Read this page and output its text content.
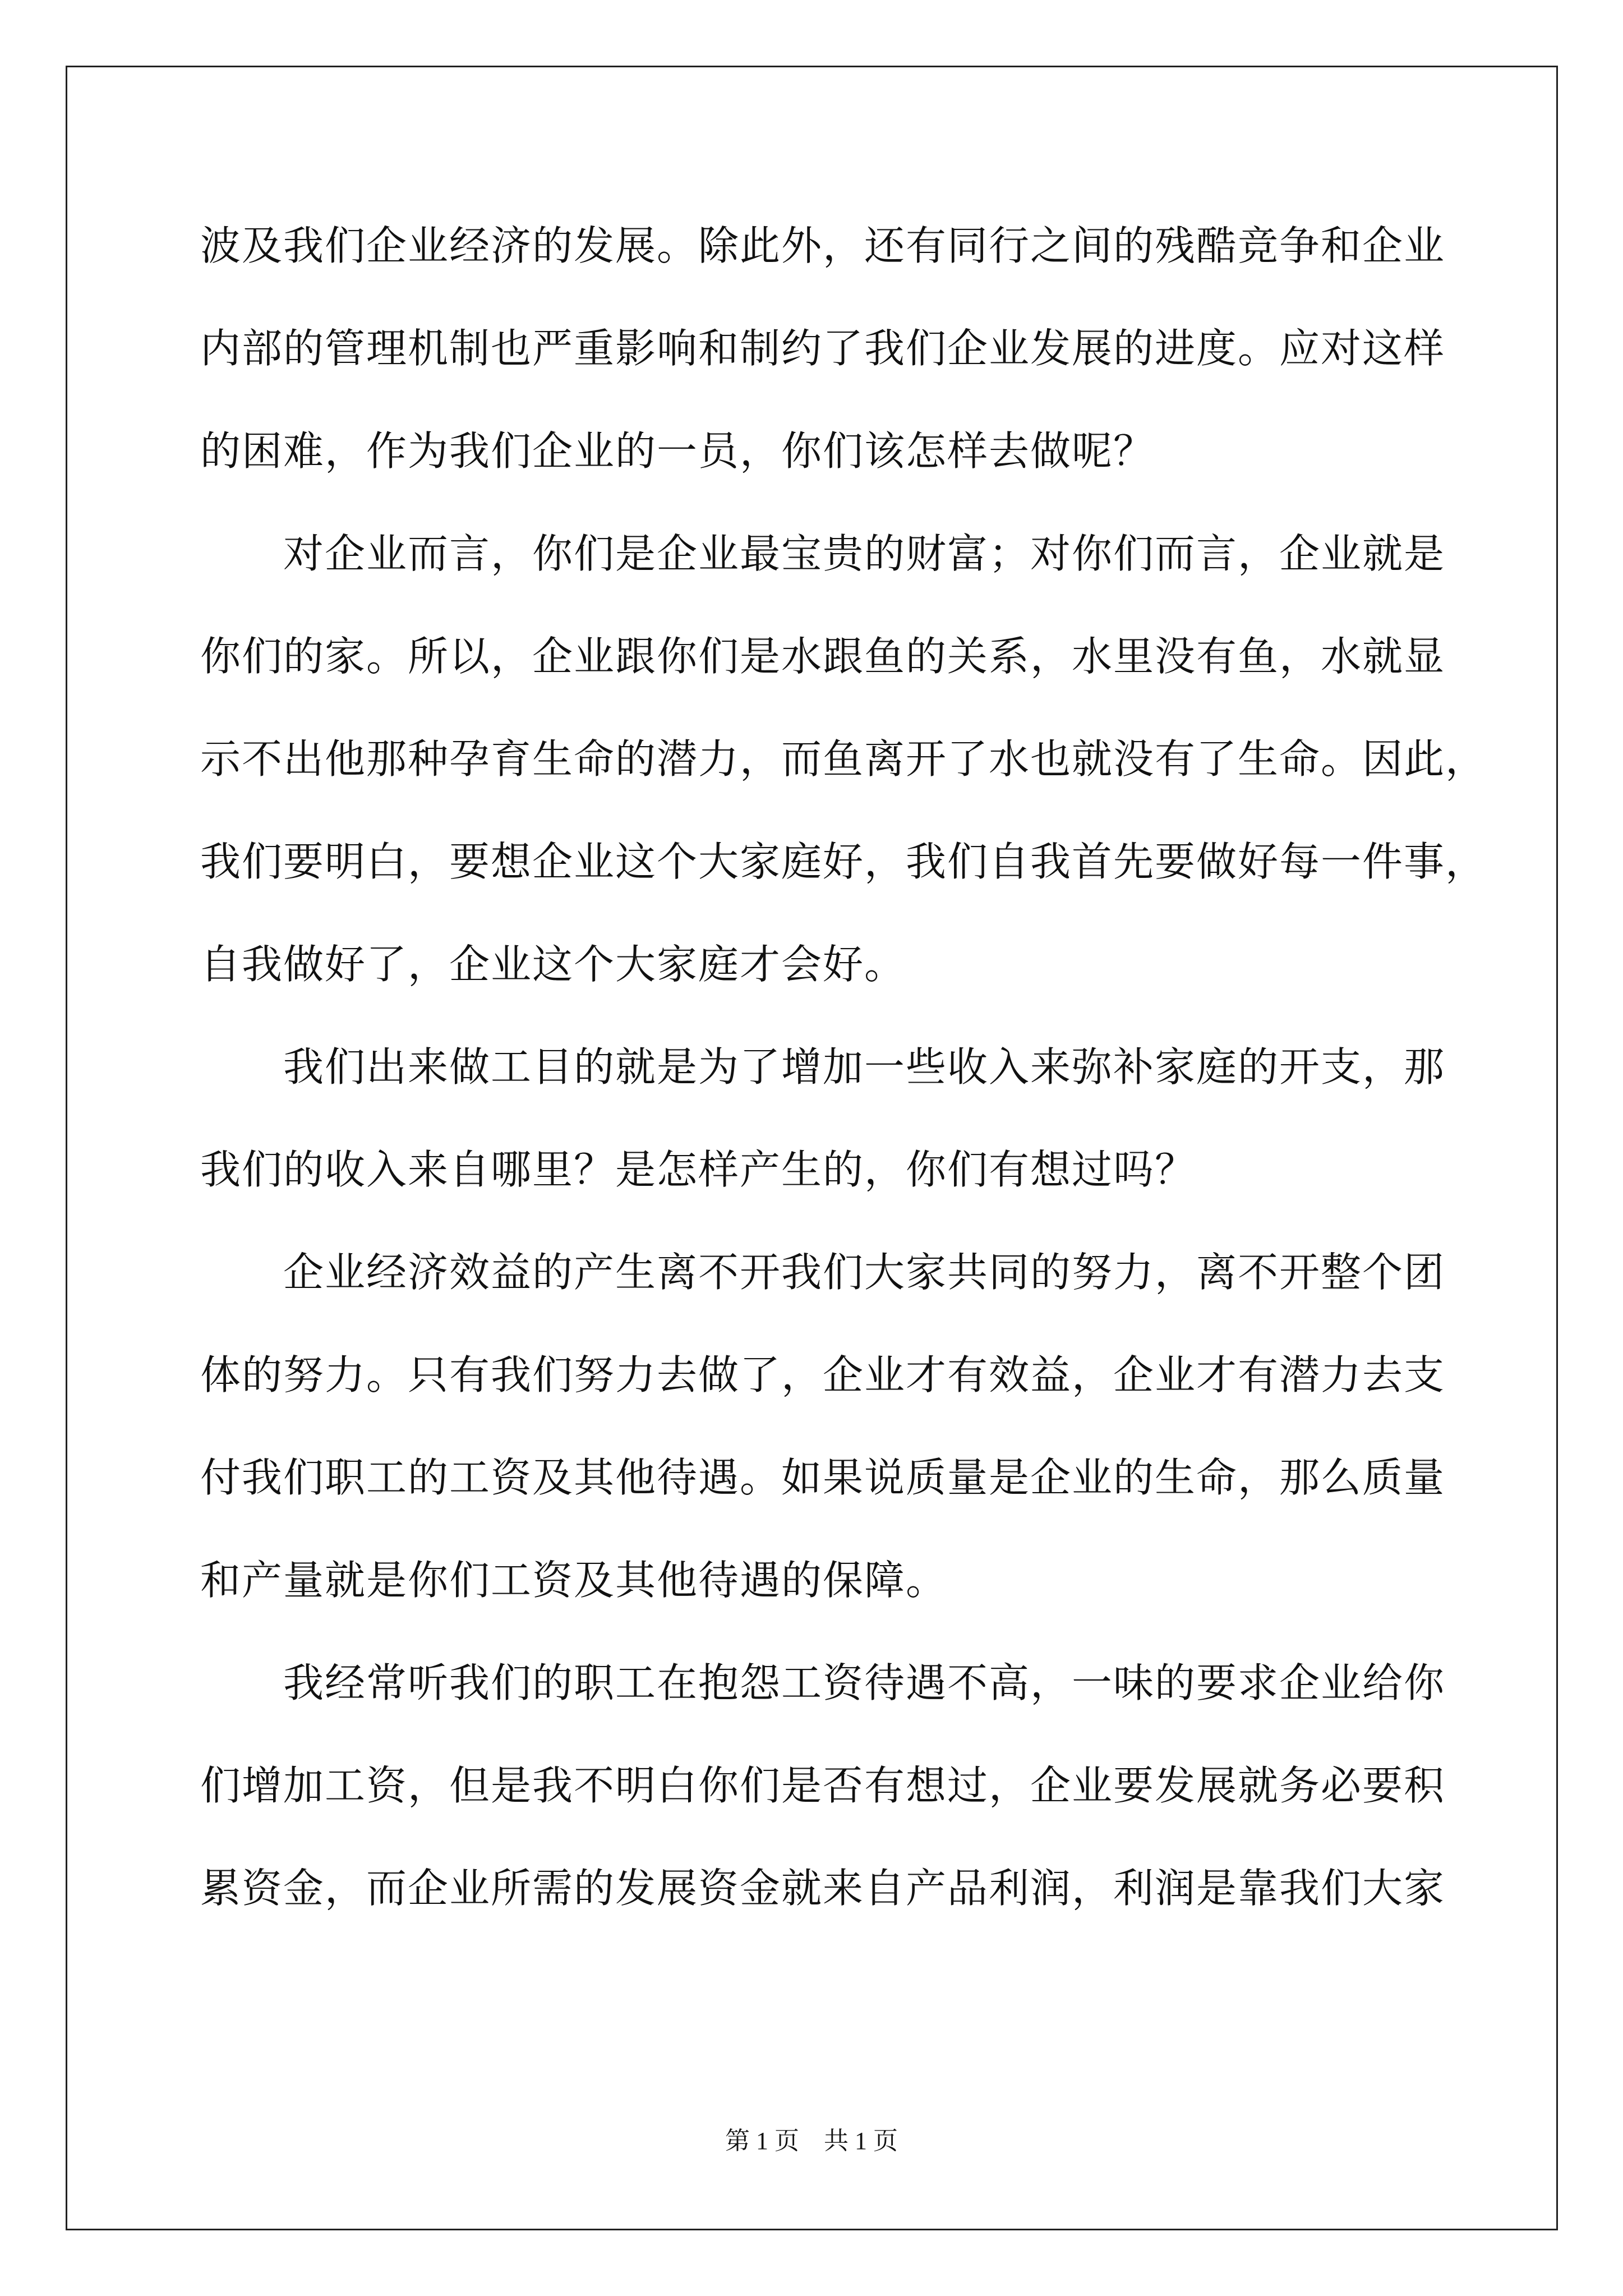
波及我们企业经济的发展。除此外，还有同行之间的残酷竞争和企业
内部的管理机制也严重影响和制约了我们企业发展的进度。应对这样
的困难，作为我们企业的一员，你们该怎样去做呢？
对企业而言，你们是企业最宝贵的财富；对你们而言，企业就是
你们的家。所以，企业跟你们是水跟鱼的关系，水里没有鱼，水就显
示不出他那种孕育生命的潜力，而鱼离开了水也就没有了生命。因此，
我们要明白，要想企业这个大家庭好，我们自我首先要做好每一件事，
自我做好了，企业这个大家庭才会好。
我们出来做工目的就是为了增加一些收入来弥补家庭的开支，那
我们的收入来自哪里？是怎样产生的，你们有想过吗？
企业经济效益的产生离不开我们大家共同的努力，离不开整个团
体的努力。只有我们努力去做了，企业才有效益，企业才有潜力去支
付我们职工的工资及其他待遇。如果说质量是企业的生命，那么质量
和产量就是你们工资及其他待遇的保障。
我经常听我们的职工在抱怨工资待遇不高，一味的要求企业给你
们增加工资，但是我不明白你们是否有想过，企业要发展就务必要积
累资金，而企业所需的发展资金就来自产品利润，利润是靠我们大家
第 1 页 共 1 页
